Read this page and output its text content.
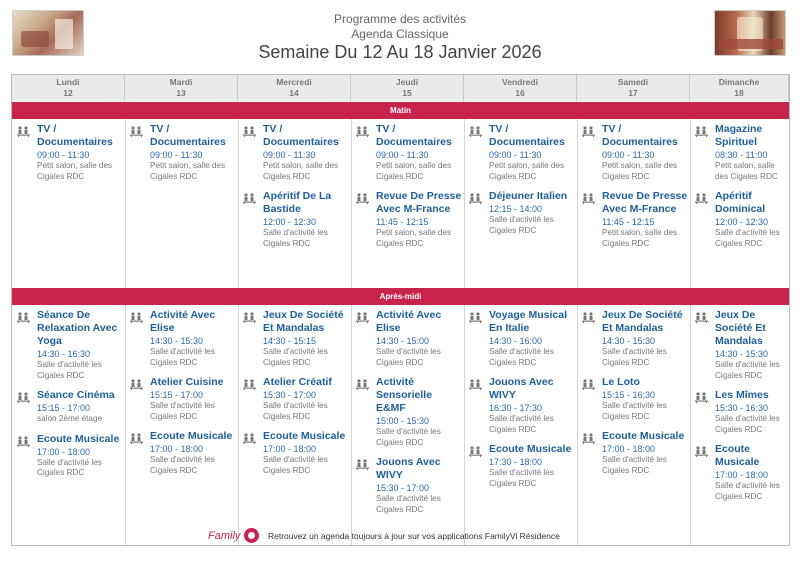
Programme des activités
Agenda Classique
Semaine Du 12 Au 18 Janvier 2026
Matin
Après-midi
Lundi
12
TV / Documentaires
09:00 - 11:30
Petit salon, salle des Cigales RDC
Séance De Relaxation Avec Yoga
14:30 - 16:30
Salle d'activité les Cigales RDC
Séance Cinéma
15:15 - 17:00
salon 2ème étage
Ecoute Musicale
17:00 - 18:00
Salle d'activité les Cigales RDC
Mardi
13
TV / Documentaires
09:00 - 11:30
Petit salon, salle des Cigales RDC
Activité Avec Elise
14:30 - 15:30
Salle d'activité les Cigales RDC
Atelier Cuisine
15:15 - 17:00
Salle d'activité les Cigales RDC
Ecoute Musicale
17:00 - 18:00
Salle d'activité les Cigales RDC
Mercredi
14
TV / Documentaires
09:00 - 11:30
Petit salon, salle des Cigales RDC
Apéritif De La Bastide
12:00 - 12:30
Salle d'activité les Cigales RDC
Jeux De Société Et Mandalas
14:30 - 15:15
Salle d'activité les Cigales RDC
Atelier Créatif
15:30 - 17:00
Salle d'activité les Cigales RDC
Ecoute Musicale
17:00 - 18:00
Salle d'activité les Cigales RDC
Jeudi
15
TV / Documentaires
09:00 - 11:30
Petit salon, salle des Cigales RDC
Revue De Presse Avec M-France
11:45 - 12:15
Petit salon, salle des Cigales RDC
Activité Avec Elise
14:30 - 15:00
Salle d'activité les Cigales RDC
Activité Sensorielle E&MF
15:00 - 15:30
Salle d'activité les Cigales RDC
Jouons Avec WIVY
15:30 - 17:00
Salle d'activité les Cigales RDC
Vendredi
16
TV / Documentaires
09:00 - 11:30
Petit salon, salle des Cigales RDC
Déjeuner Italien
12:15 - 14:00
Salle d'activité les Cigales RDC
Voyage Musical En Italie
14:30 - 16:00
Salle d'activité les Cigales RDC
Jouons Avec WIVY
16:30 - 17:30
Salle d'activité les Cigales RDC
Ecoute Musicale
17:30 - 18:00
Salle d'activité les Cigales RDC
Samedi
17
TV / Documentaires
09:00 - 11:30
Petit salon, salle des Cigales RDC
Revue De Presse Avec M-France
11:45 - 12:15
Petit salon, salle des Cigales RDC
Jeux De Société Et Mandalas
14:30 - 15:30
Salle d'activité les Cigales RDC
Le Loto
15:15 - 16:30
Salle d'activité les Cigales RDC
Ecoute Musicale
17:00 - 18:00
Salle d'activité les Cigales RDC
Dimanche
18
Magazine Spirituel
08:30 - 11:00
Petit salon, salle des Cigales RDC
Apéritif Dominical
12:00 - 12:30
Salle d'activité les Cigales RDC
Jeux De Société Et Mandalas
14:30 - 15:30
Salle d'activité les Cigales RDC
Les Mîmes
15:30 - 16:30
Salle d'activité les Cigales RDC
Ecoute Musicale
17:00 - 18:00
Salle d'activité les Cigales RDC
Family	Retrouvez un agenda toujours à jour sur vos applications FamilyVi Résidence
